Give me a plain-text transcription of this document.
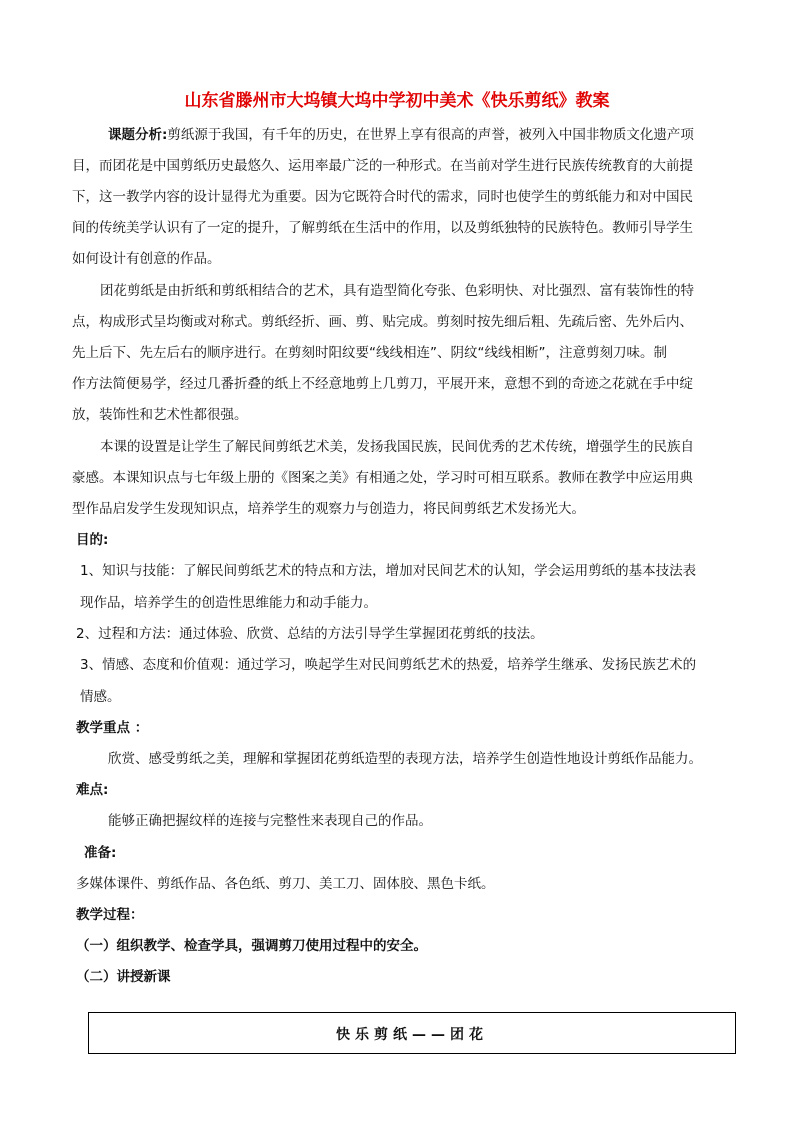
山东省滕州市大坞镇大坞中学初中美术《快乐剪纸》教案
课题分析:剪纸源于我国，有千年的历史，在世界上享有很高的声誉，被列入中国非物质文化遗产项
目，而团花是中国剪纸历史最悠久、运用率最广泛的一种形式。在当前对学生进行民族传统教育的大前提
下，这一教学内容的设计显得尤为重要。因为它既符合时代的需求，同时也使学生的剪纸能力和对中国民
间的传统美学认识有了一定的提升，了解剪纸在生活中的作用，以及剪纸独特的民族特色。教师引导学生
如何设计有创意的作品。
团花剪纸是由折纸和剪纸相结合的艺术，具有造型简化夸张、色彩明快、对比强烈、富有装饰性的特
点，构成形式呈均衡或对称式。剪纸经折、画、剪、贴完成。剪刻时按先细后粗、先疏后密、先外后内、
先上后下、先左后右的顺序进行。在剪刻时阳纹要“线线相连”、阴纹“线线相断”，注意剪刻刀味。制
作方法简便易学，经过几番折叠的纸上不经意地剪上几剪刀，平展开来，意想不到的奇迹之花就在手中绽
放，装饰性和艺术性都很强。
本课的设置是让学生了解民间剪纸艺术美，发扬我国民族，民间优秀的艺术传统，增强学生的民族自
豪感。本课知识点与七年级上册的《图案之美》有相通之处，学习时可相互联系。教师在教学中应运用典
型作品启发学生发现知识点，培养学生的观察力与创造力，将民间剪纸艺术发扬光大。
目的:
1、知识与技能：了解民间剪纸艺术的特点和方法，增加对民间艺术的认知，学会运用剪纸的基本技法表
现作品，培养学生的创造性思维能力和动手能力。
2、过程和方法：通过体验、欣赏、总结的方法引导学生掌握团花剪纸的技法。
3、情感、态度和价值观：通过学习，唤起学生对民间剪纸艺术的热爱，培养学生继承、发扬民族艺术的
情感。
教学重点 ：
欣赏、感受剪纸之美，理解和掌握团花剪纸造型的表现方法，培养学生创造性地设计剪纸作品能力。
难点:
能够正确把握纹样的连接与完整性来表现自己的作品。
准备:
多媒体课件、剪纸作品、各色纸、剪刀、美工刀、固体胶、黑色卡纸。
教学过程：
（一）组织教学、检查学具，强调剪刀使用过程中的安全。
（二）讲授新课
快乐剪纸——团花
